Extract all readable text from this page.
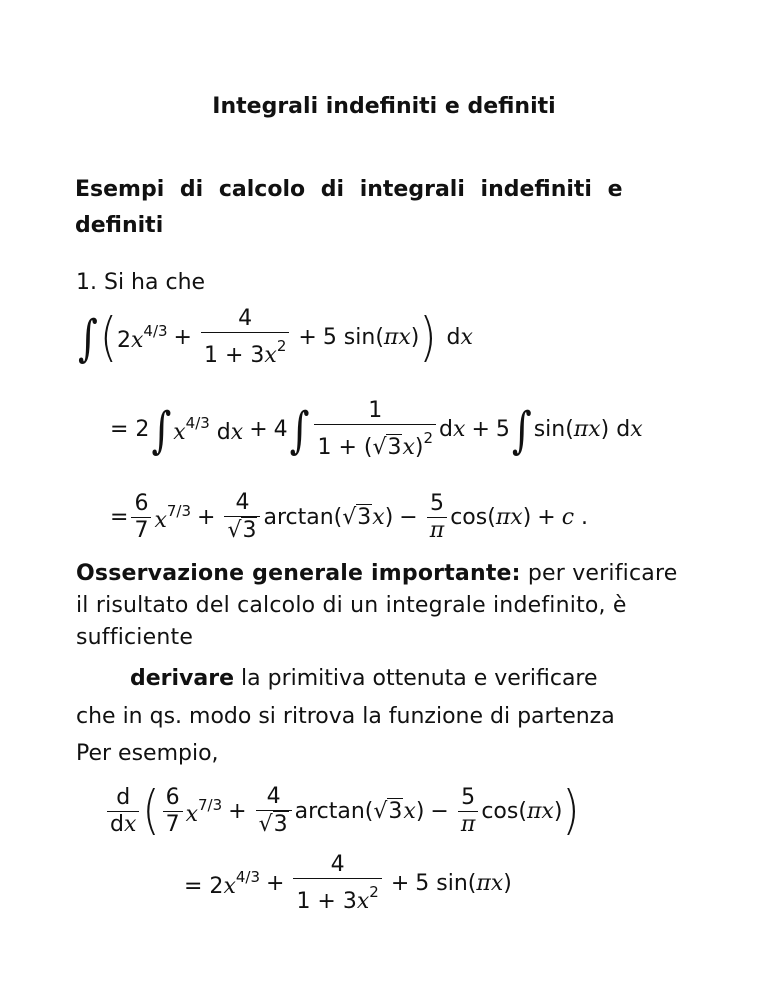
Integrali indefiniti e definiti
Esempi di calcolo di integrali indefiniti e definiti
1. Si ha che
∫ ( $2x^{4/3} + \frac{4}{1 + 3x^2} + 5$ sin(πx) ) dx
= 2 ∫ $x^{4/3}$ dx + 4 ∫ $\frac{1}{1 + (√ 3 x)^2}$ dx + 5 ∫ sin(πx) dx
= $\frac{6}{7} x^{7/3} + \frac{4}{√ 3} \arctan(√$ 3 $x) - \frac{5}{\pi} \cos(\pi x) + c$ .
Osservazione generale importante: per verificare il risultato del calcolo di un integrale indefinito, è sufficiente
derivare la primitiva ottenuta e verificare
che in qs. modo si ritrova la funzione di partenza
Per esempio,
$\frac{d}{dx}$ ( $\frac{6}{7} x^{7/3} + \frac{4}{√ 3} \arctan(√$ 3 $x) - \frac{5}{\pi} \cos(\pi x)$ )
= $2x^{4/3} + \frac{4}{1 + 3x^2} + 5$ sin(πx)
